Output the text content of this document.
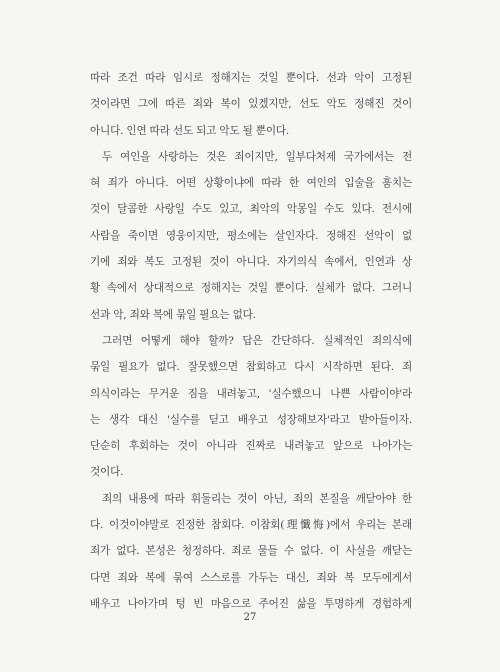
따라 조건 따라 임시로 정해지는 것일 뿐이다. 선과 악이 고정된
것이라면 그에 따른 죄와 복이 있겠지만, 선도 악도 정해진 것이
아니다. 인연 따라 선도 되고 악도 될 뿐이다.
두 여인을 사랑하는 것은 죄이지만, 일부다처제 국가에서는 전
혀 죄가 아니다. 어떤 상황이냐에 따라 한 여인의 입술을 훔치는
것이 달콤한 사랑일 수도 있고, 최악의 악몽일 수도 있다. 전시에
사람을 죽이면 영웅이지만, 평소에는 살인자다. 정해진 선악이 없
기에 죄와 복도 고정된 것이 아니다. 자기의식 속에서, 인연과 상
황 속에서 상대적으로 정해지는 것일 뿐이다. 실체가 없다. 그러니
선과 악, 죄와 복에 묶일 필요는 없다.
그러면 어떻게 해야 할까? 답은 간단하다. 실체적인 죄의식에
묶일 필요가 없다. 잘못했으면 참회하고 다시 시작하면 된다. 죄
의식이라는 무거운 짐을 내려놓고, '실수했으니 나쁜 사람이야'라
는 생각 대신 '실수를 딛고 배우고 성장해보자'라고 받아들이자.
단순히 후회하는 것이 아니라 진짜로 내려놓고 앞으로 나아가는
것이다.
죄의 내용에 따라 휘둘리는 것이 아닌, 죄의 본질을 깨닫아야 한
다. 이것이야말로 진정한 참회다. 이참회(理懺悔)에서 우리는 본래
죄가 없다. 본성은 청정하다. 죄로 물들 수 없다. 이 사실을 깨닫는
다면 죄와 복에 묶여 스스로를 가두는 대신, 죄와 복 모두에게서
배우고 나아가며 텅 빈 마음으로 주어진 삶을 투명하게 경험하게
27
